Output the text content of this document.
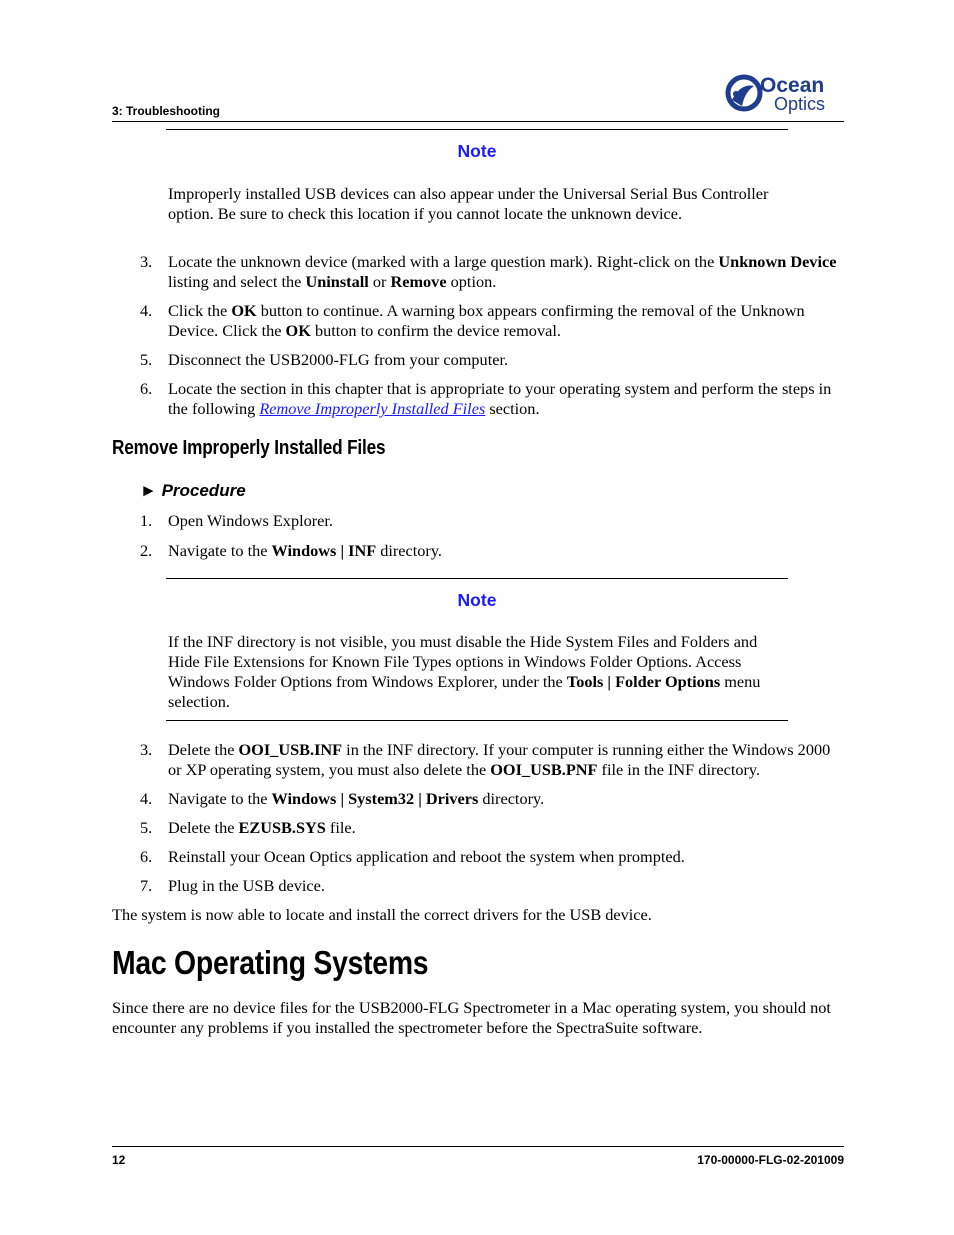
3: Troubleshooting
Ocean
Optics
Note
Improperly installed USB devices can also appear under the Universal Serial Bus Controller option. Be sure to check this location if you cannot locate the unknown device.
3. Locate the unknown device (marked with a large question mark). Right-click on the Unknown Device listing and select the Uninstall or Remove option.
4. Click the OK button to continue. A warning box appears confirming the removal of the Unknown Device. Click the OK button to confirm the device removal.
5. Disconnect the USB2000-FLG from your computer.
6. Locate the section in this chapter that is appropriate to your operating system and perform the steps in the following Remove Improperly Installed Files section.
Remove Improperly Installed Files
► Procedure
1. Open Windows Explorer.
2. Navigate to the Windows | INF directory.
Note
If the INF directory is not visible, you must disable the Hide System Files and Folders and Hide File Extensions for Known File Types options in Windows Folder Options. Access Windows Folder Options from Windows Explorer, under the Tools | Folder Options menu selection.
3. Delete the OOI_USB.INF in the INF directory. If your computer is running either the Windows 2000 or XP operating system, you must also delete the OOI_USB.PNF file in the INF directory.
4. Navigate to the Windows | System32 | Drivers directory.
5. Delete the EZUSB.SYS file.
6. Reinstall your Ocean Optics application and reboot the system when prompted.
7. Plug in the USB device.
The system is now able to locate and install the correct drivers for the USB device.
Mac Operating Systems
Since there are no device files for the USB2000-FLG Spectrometer in a Mac operating system, you should not encounter any problems if you installed the spectrometer before the SpectraSuite software.
12	170-00000-FLG-02-201009
